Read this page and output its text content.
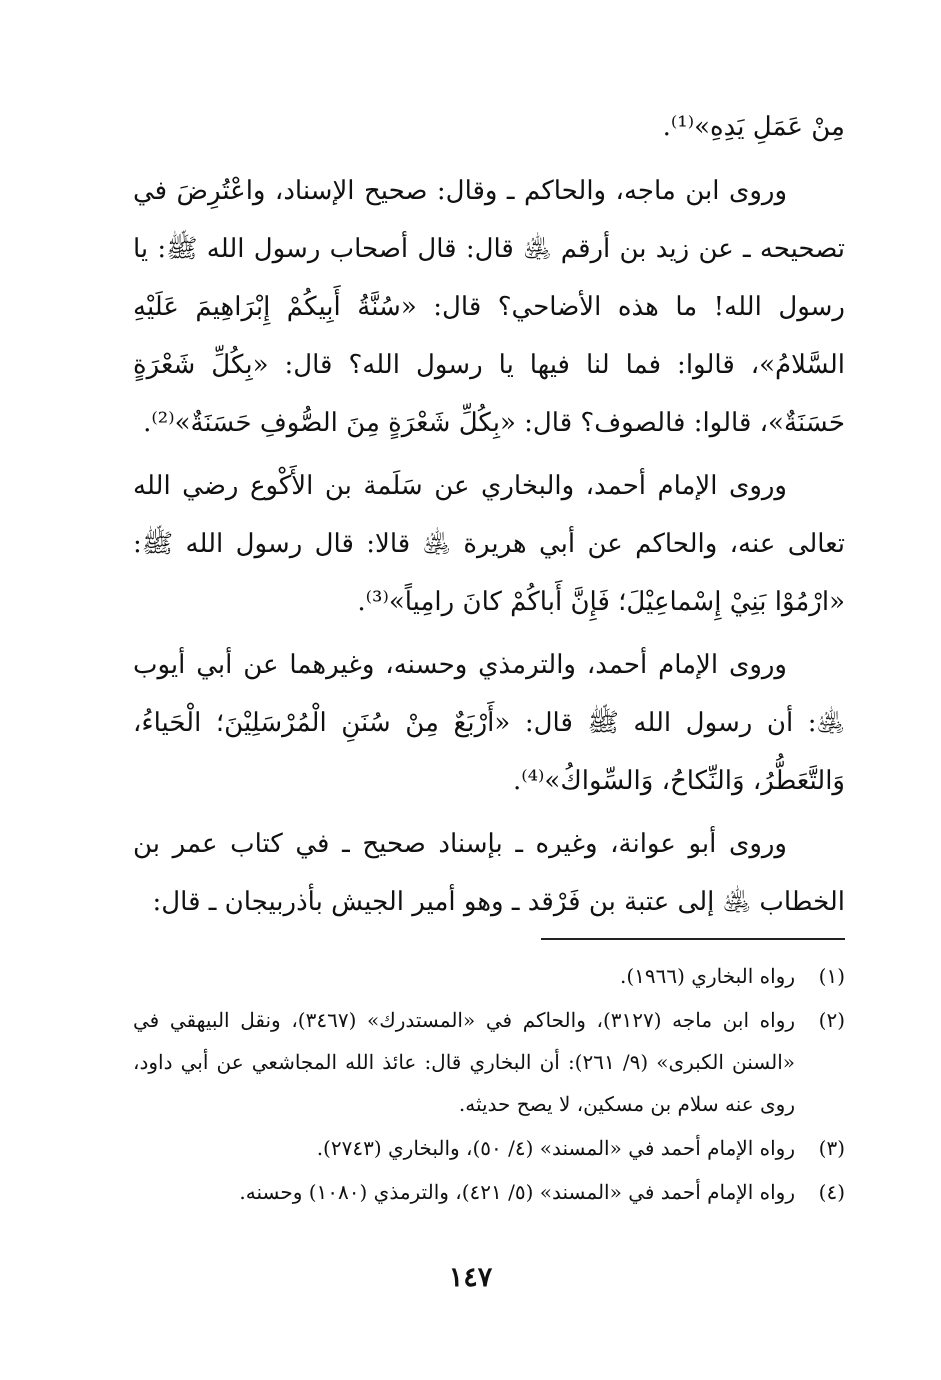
مِنْ عَمَلِ يَدِهِ»⁽¹⁾.

وروى ابن ماجه، والحاكم ـ وقال: صحيح الإسناد، واعْتُرِضَ في تصحيحه ـ عن زيد بن أرقم ﵁ قال: قال أصحاب رسول الله ﷺ: يا رسول الله! ما هذه الأضاحي؟ قال: «سُنَّةُ أَبِيكُمْ إِبْرَاهِيمَ عَلَيْهِ السَّلامُ»، قالوا: فما لنا فيها يا رسول الله؟ قال: «بِكُلِّ شَعْرَةٍ حَسَنَةٌ»، قالوا: فالصوف؟ قال: «بِكُلِّ شَعْرَةٍ مِنَ الصُّوفِ حَسَنَةٌ»⁽²⁾.

وروى الإمام أحمد، والبخاري عن سَلَمة بن الأَكْوع رضي الله تعالى عنه، والحاكم عن أبي هريرة ﵁ قالا: قال رسول الله ﷺ: «ارْمُوْا بَنِيْ إِسْماعِيْلَ؛ فَإِنَّ أَباكُمْ كانَ رامِياً»⁽³⁾.

وروى الإمام أحمد، والترمذي وحسنه، وغيرهما عن أبي أيوب ﵁: أن رسول الله ﷺ قال: «أَرْبَعٌ مِنْ سُنَنِ الْمُرْسَلِيْنَ؛ الْحَياءُ، وَالتَّعَطُّرُ، وَالنِّكاحُ، وَالسِّواكُ»⁽⁴⁾.

وروى أبو عوانة، وغيره ـ بإسناد صحيح ـ في كتاب عمر بن الخطاب ﵁ إلى عتبة بن فَرْقد ـ وهو أمير الجيش بأذربيجان ـ قال:

(١)
رواه البخاري (١٩٦٦).
(٢)
رواه ابن ماجه (٣١٢٧)، والحاكم في «المستدرك» (٣٤٦٧)، ونقل البيهقي في «السنن الكبرى» (٩/ ٢٦١): أن البخاري قال: عائذ الله المجاشعي عن أبي داود، روى عنه سلام بن مسكين، لا يصح حديثه.
(٣)
رواه الإمام أحمد في «المسند» (٤/ ٥٠)، والبخاري (٢٧٤٣).
(٤)
رواه الإمام أحمد في «المسند» (٥/ ٤٢١)، والترمذي (١٠٨٠) وحسنه.
١٤٧
